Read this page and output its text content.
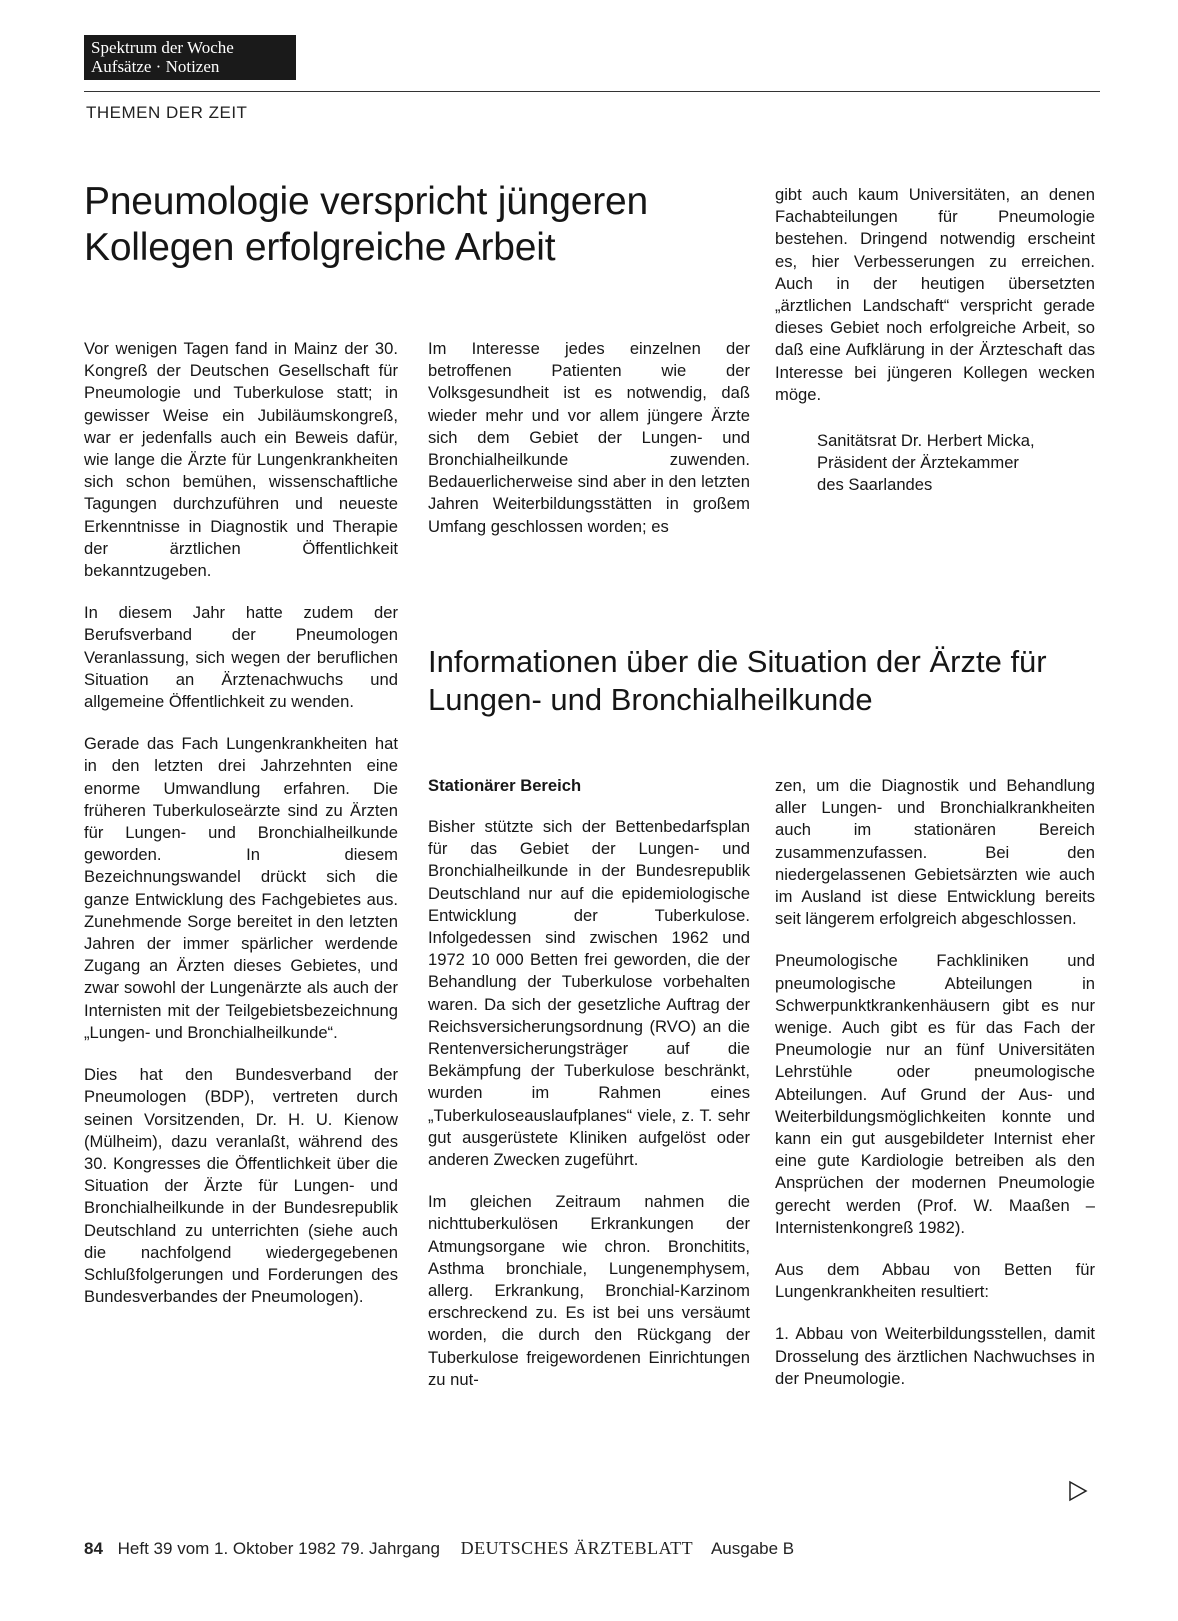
Spektrum der Woche
Aufsätze · Notizen
THEMEN DER ZEIT
Pneumologie verspricht jüngeren Kollegen erfolgreiche Arbeit

Vor wenigen Tagen fand in Mainz der 30. Kongreß der Deutschen Gesellschaft für Pneumologie und Tuberkulose statt; in gewisser Weise ein Jubiläumskongreß, war er jedenfalls auch ein Beweis dafür, wie lange die Ärzte für Lungenkrankheiten sich schon bemühen, wissenschaftliche Tagungen durchzuführen und neueste Erkenntnisse in Diagnostik und Therapie der ärztlichen Öffentlichkeit bekanntzugeben.

In diesem Jahr hatte zudem der Berufsverband der Pneumologen Veranlassung, sich wegen der beruflichen Situation an Ärztenachwuchs und allgemeine Öffentlichkeit zu wenden.

Gerade das Fach Lungenkrankheiten hat in den letzten drei Jahrzehnten eine enorme Umwandlung erfahren. Die früheren Tuberkuloseärzte sind zu Ärzten für Lungen- und Bronchialheilkunde geworden. In diesem Bezeichnungswandel drückt sich die ganze Entwicklung des Fachgebietes aus. Zunehmende Sorge bereitet in den letzten Jahren der immer spärlicher werdende Zugang an Ärzten dieses Gebietes, und zwar sowohl der Lungenärzte als auch der Internisten mit der Teilgebietsbezeichnung „Lungen- und Bronchialheilkunde“.

Dies hat den Bundesverband der Pneumologen (BDP), vertreten durch seinen Vorsitzenden, Dr. H. U. Kienow (Mülheim), dazu veranlaßt, während des 30. Kongresses die Öffentlichkeit über die Situation der Ärzte für Lungen- und Bronchialheilkunde in der Bundesrepublik Deutschland zu unterrichten (siehe auch die nachfolgend wiedergegebenen Schlußfolgerungen und Forderungen des Bundesverbandes der Pneumologen).

Im Interesse jedes einzelnen der betroffenen Patienten wie der Volksgesundheit ist es notwendig, daß wieder mehr und vor allem jüngere Ärzte sich dem Gebiet der Lungen- und Bronchialheilkunde zuwenden. Bedauerlicherweise sind aber in den letzten Jahren Weiterbildungsstätten in großem Umfang geschlossen worden; es

gibt auch kaum Universitäten, an denen Fachabteilungen für Pneumologie bestehen. Dringend notwendig erscheint es, hier Verbesserungen zu erreichen. Auch in der heutigen übersetzten „ärztlichen Landschaft“ verspricht gerade dieses Gebiet noch erfolgreiche Arbeit, so daß eine Aufklärung in der Ärzteschaft das Interesse bei jüngeren Kollegen wecken möge.

Sanitätsrat Dr. Herbert Micka,
Präsident der Ärztekammer
des Saarlandes
Informationen über die Situation der Ärzte für Lungen- und Bronchialheilkunde
Stationärer Bereich

Bisher stützte sich der Bettenbedarfsplan für das Gebiet der Lungen- und Bronchialheilkunde in der Bundesrepublik Deutschland nur auf die epidemiologische Entwicklung der Tuberkulose. Infolgedessen sind zwischen 1962 und 1972 10 000 Betten frei geworden, die der Behandlung der Tuberkulose vorbehalten waren. Da sich der gesetzliche Auftrag der Reichsversicherungsordnung (RVO) an die Rentenversicherungsträger auf die Bekämpfung der Tuberkulose beschränkt, wurden im Rahmen eines „Tuberkuloseauslaufplanes“ viele, z. T. sehr gut ausgerüstete Kliniken aufgelöst oder anderen Zwecken zugeführt.

Im gleichen Zeitraum nahmen die nichttuberkulösen Erkrankungen der Atmungsorgane wie chron. Bronchitits, Asthma bronchiale, Lungenemphysem, allerg. Erkrankung, Bronchial-Karzinom erschreckend zu. Es ist bei uns versäumt worden, die durch den Rückgang der Tuberkulose freigewordenen Einrichtungen zu nut-

zen, um die Diagnostik und Behandlung aller Lungen- und Bronchialkrankheiten auch im stationären Bereich zusammenzufassen. Bei den niedergelassenen Gebietsärzten wie auch im Ausland ist diese Entwicklung bereits seit längerem erfolgreich abgeschlossen.

Pneumologische Fachkliniken und pneumologische Abteilungen in Schwerpunktkrankenhäusern gibt es nur wenige. Auch gibt es für das Fach der Pneumologie nur an fünf Universitäten Lehrstühle oder pneumologische Abteilungen. Auf Grund der Aus- und Weiterbildungsmöglichkeiten konnte und kann ein gut ausgebildeter Internist eher eine gute Kardiologie betreiben als den Ansprüchen der modernen Pneumologie gerecht werden (Prof. W. Maaßen – Internistenkongreß 1982).

Aus dem Abbau von Betten für Lungenkrankheiten resultiert:

1. Abbau von Weiterbildungsstellen, damit Drosselung des ärztlichen Nachwuchses in der Pneumologie.

84 Heft 39 vom 1. Oktober 1982 79. Jahrgang DEUTSCHES ÄRZTEBLATT Ausgabe B
